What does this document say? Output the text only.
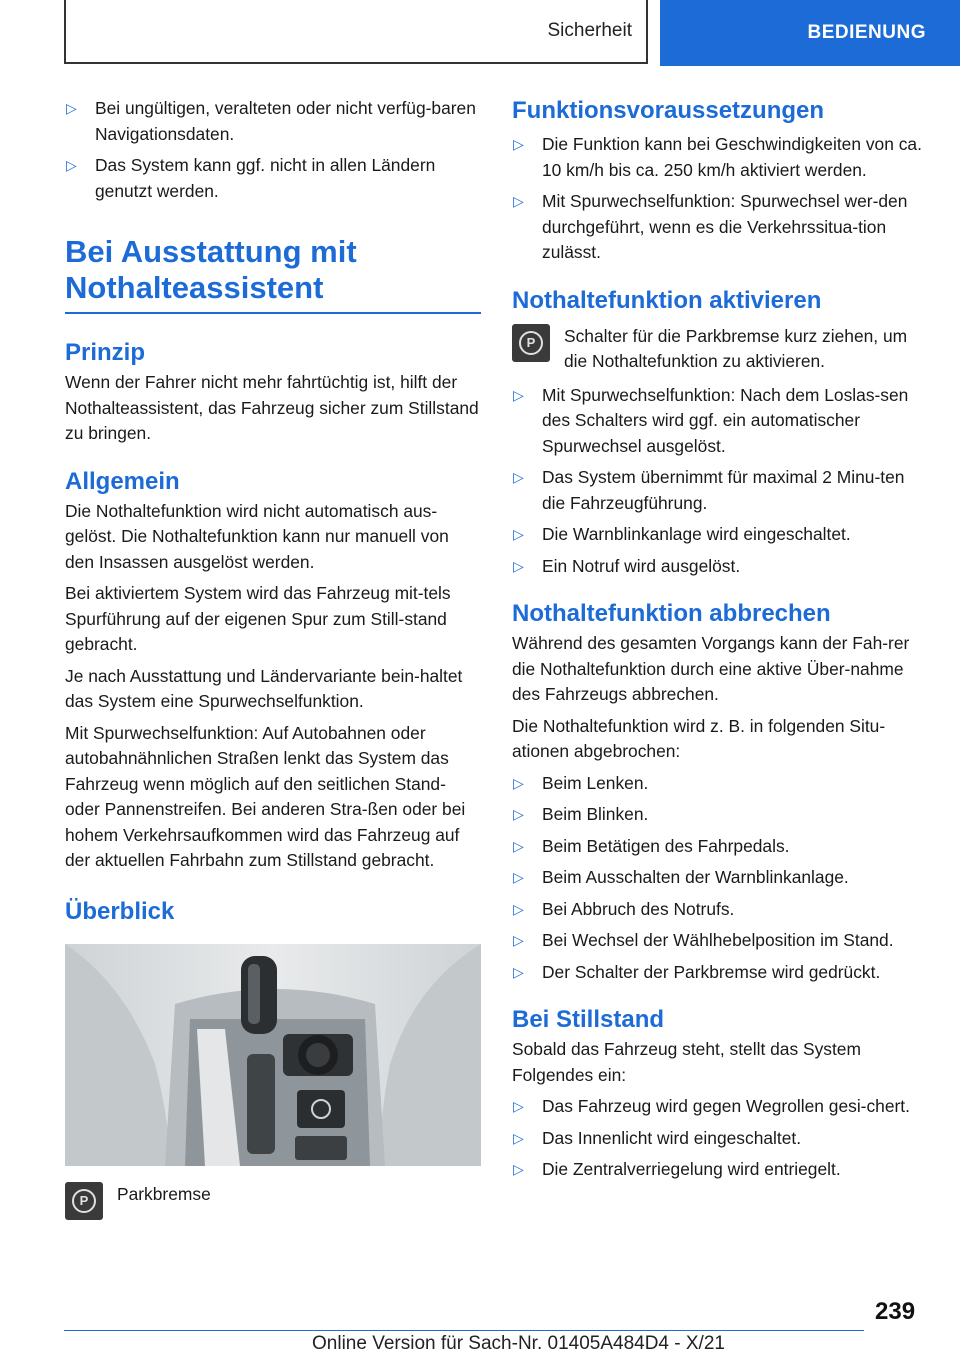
Sicherheit	BEDIENUNG
▷ Bei ungültigen, veralteten oder nicht verfüg-baren Navigationsdaten.
▷ Das System kann ggf. nicht in allen Ländern genutzt werden.
Bei Ausstattung mit Nothalteassistent
Prinzip

Wenn der Fahrer nicht mehr fahrtüchtig ist, hilft der Nothalteassistent, das Fahrzeug sicher zum Stillstand zu bringen.

Allgemein

Die Nothaltefunktion wird nicht automatisch aus-gelöst. Die Nothaltefunktion kann nur manuell von den Insassen ausgelöst werden.

Bei aktiviertem System wird das Fahrzeug mit-tels Spurführung auf der eigenen Spur zum Still-stand gebracht.

Je nach Ausstattung und Ländervariante bein-haltet das System eine Spurwechselfunktion.

Mit Spurwechselfunktion: Auf Autobahnen oder autobahnähnlichen Straßen lenkt das System das Fahrzeug wenn möglich auf den seitlichen Stand- oder Pannenstreifen. Bei anderen Stra-ßen oder bei hohem Verkehrsaufkommen wird das Fahrzeug auf der aktuellen Fahrbahn zum Stillstand gebracht.

Überblick
P	Parkbremse
Funktionsvoraussetzungen
▷ Die Funktion kann bei Geschwindigkeiten von ca. 10 km/h bis ca. 250 km/h aktiviert werden.
▷ Mit Spurwechselfunktion: Spurwechsel wer-den durchgeführt, wenn es die Verkehrssitua-tion zulässt.
Nothaltefunktion aktivieren
P	Schalter für die Parkbremse kurz ziehen, um die Nothaltefunktion zu aktivieren.

▷ Mit Spurwechselfunktion: Nach dem Loslas-sen des Schalters wird ggf. ein automatischer Spurwechsel ausgelöst.
▷ Das System übernimmt für maximal 2 Minu-ten die Fahrzeugführung.
▷ Die Warnblinkanlage wird eingeschaltet.
▷ Ein Notruf wird ausgelöst.
Nothaltefunktion abbrechen

Während des gesamten Vorgangs kann der Fah-rer die Nothaltefunktion durch eine aktive Über-nahme des Fahrzeugs abbrechen.

Die Nothaltefunktion wird z. B. in folgenden Situ-ationen abgebrochen:

▷ Beim Lenken.
▷ Beim Blinken.
▷ Beim Betätigen des Fahrpedals.
▷ Beim Ausschalten der Warnblinkanlage.
▷ Bei Abbruch des Notrufs.
▷ Bei Wechsel der Wählhebelposition im Stand.
▷ Der Schalter der Parkbremse wird gedrückt.
Bei Stillstand

Sobald das Fahrzeug steht, stellt das System Folgendes ein:

▷ Das Fahrzeug wird gegen Wegrollen gesi-chert.
▷ Das Innenlicht wird eingeschaltet.
▷ Die Zentralverriegelung wird entriegelt.
239
Online Version für Sach-Nr. 01405A484D4 - X/21
